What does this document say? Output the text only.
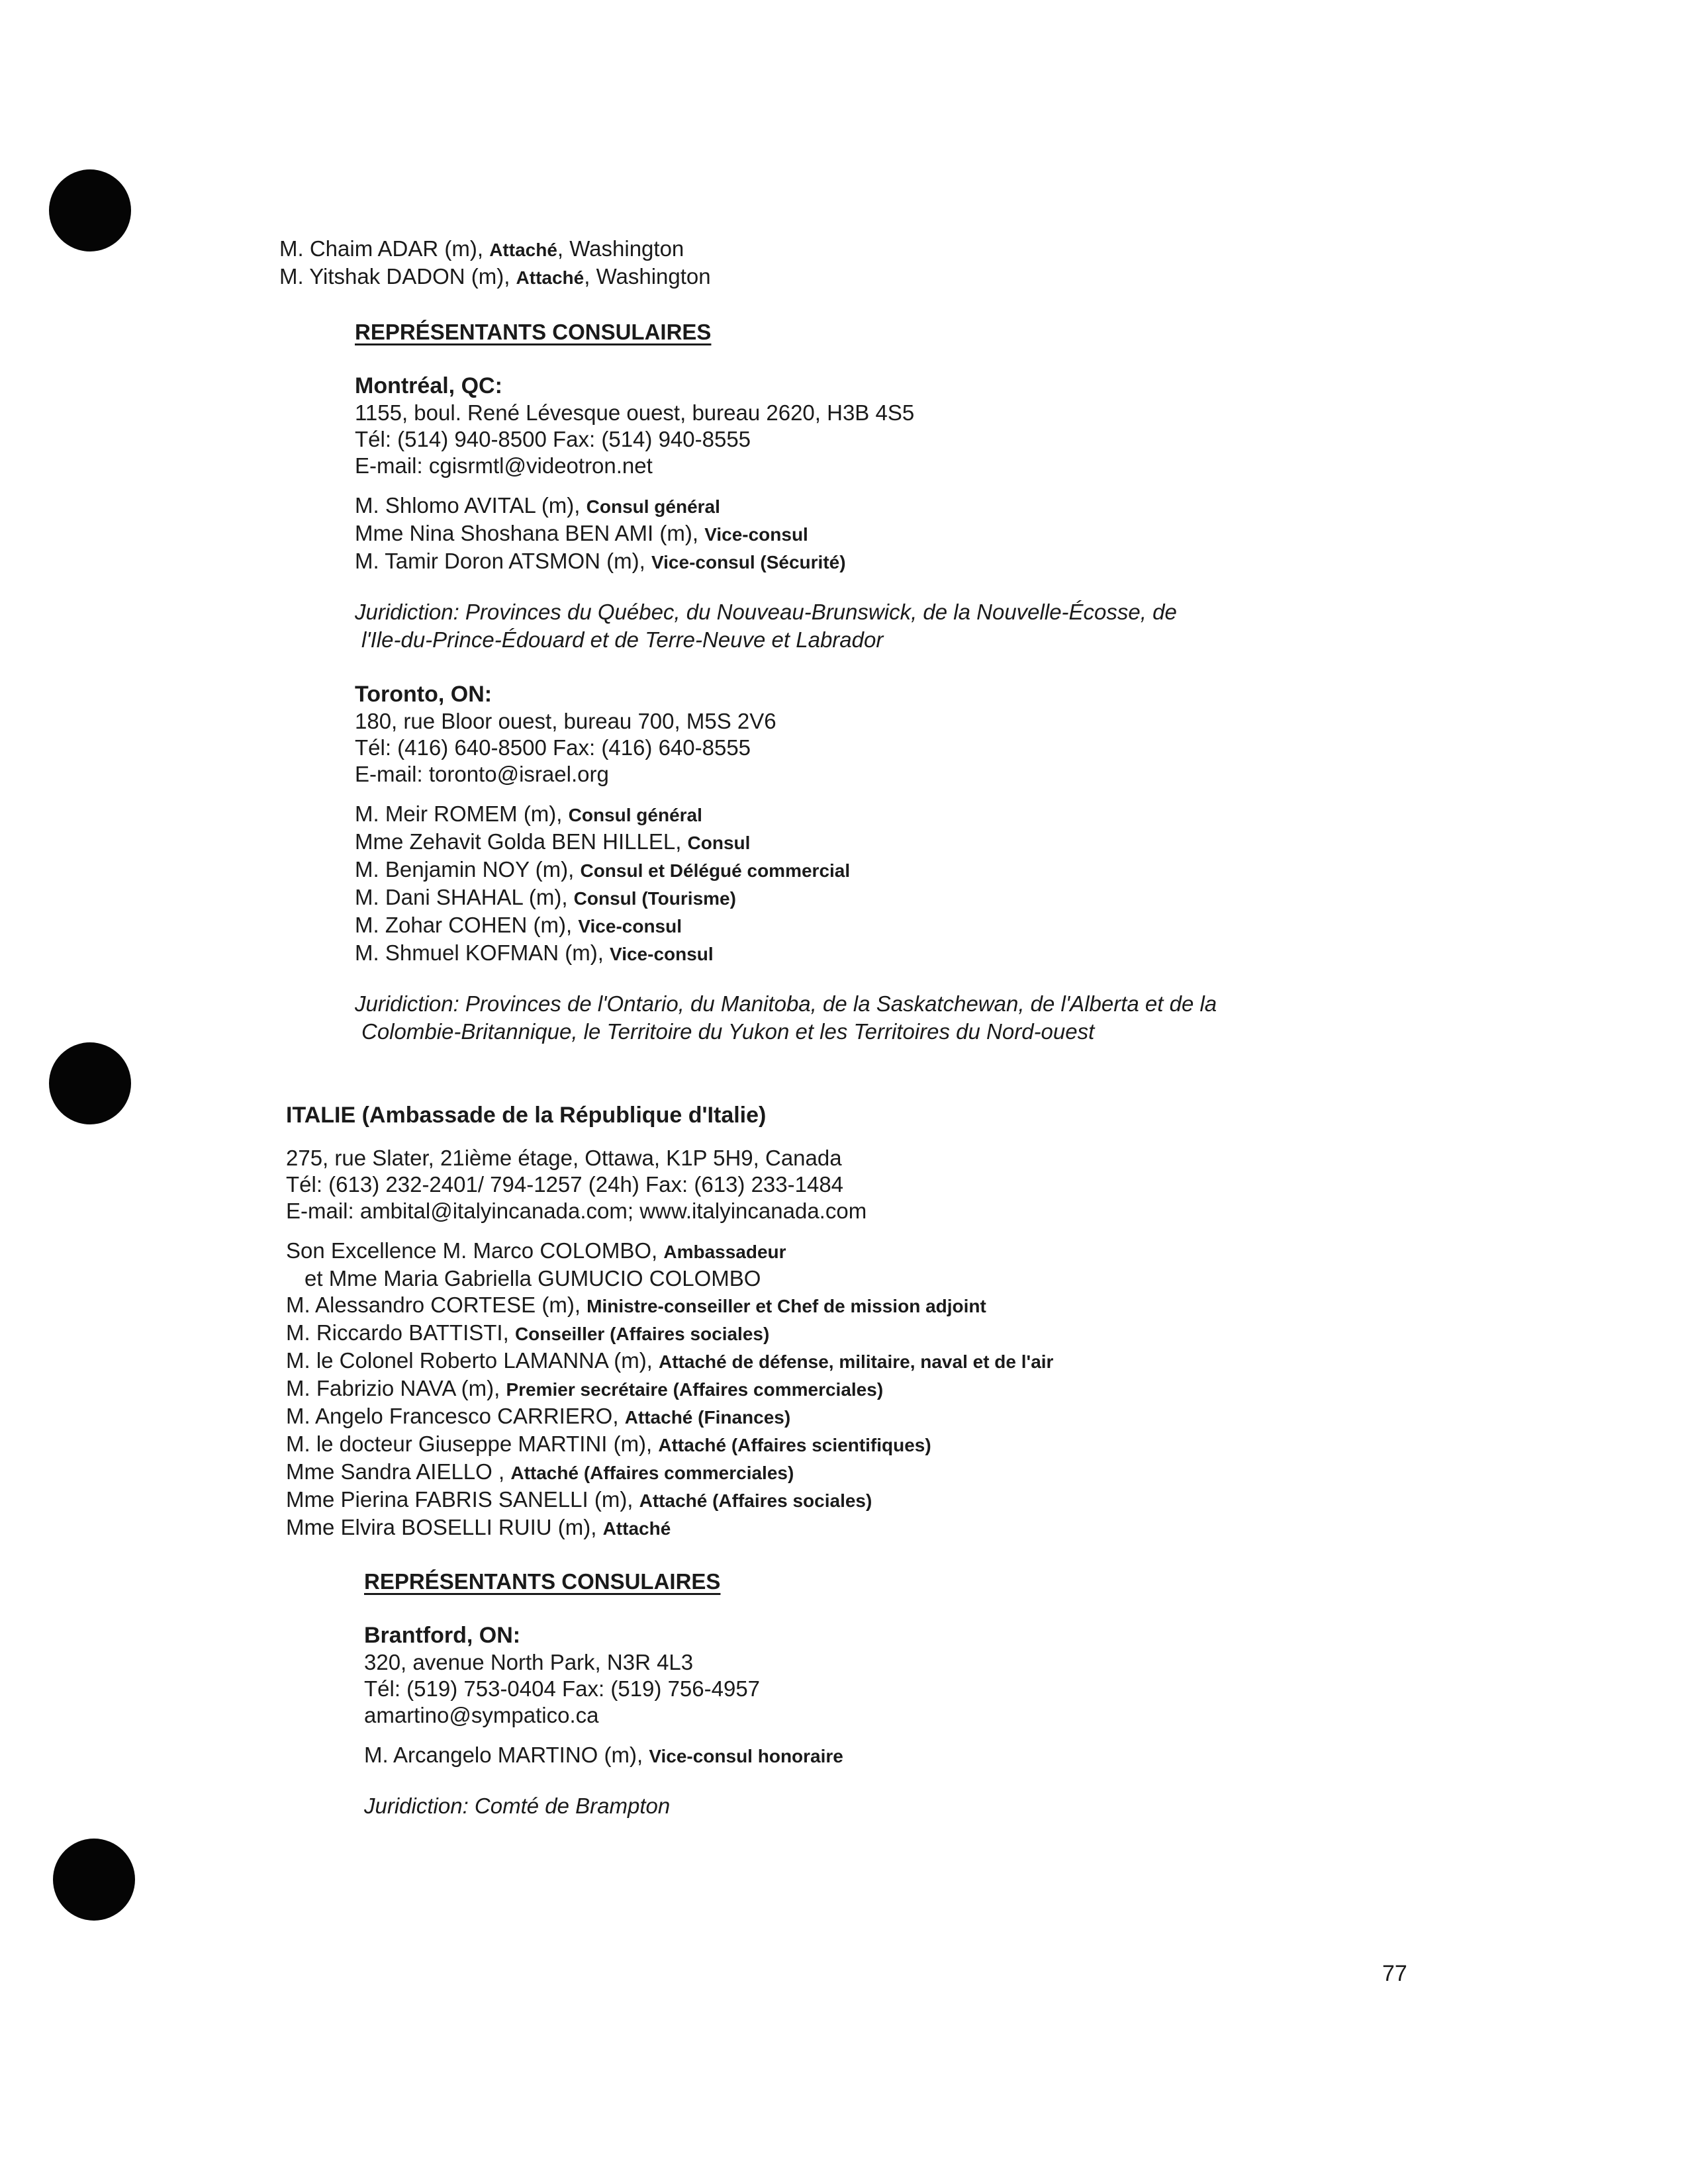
M. Chaim ADAR (m), Attaché, Washington
M. Yitshak DADON (m), Attaché, Washington
REPRÉSENTANTS CONSULAIRES
Montréal, QC:
1155, boul. René Lévesque ouest, bureau 2620, H3B 4S5
Tél: (514) 940-8500 Fax: (514) 940-8555
E-mail: cgisrmtl@videotron.net
M. Shlomo AVITAL (m), Consul général
Mme Nina Shoshana BEN AMI (m), Vice-consul
M. Tamir Doron ATSMON (m), Vice-consul (Sécurité)
Juridiction: Provinces du Québec, du Nouveau-Brunswick, de la Nouvelle-Écosse, de
l'Ile-du-Prince-Édouard et de Terre-Neuve et Labrador
Toronto, ON:
180, rue Bloor ouest, bureau 700, M5S 2V6
Tél: (416) 640-8500 Fax: (416) 640-8555
E-mail: toronto@israel.org
M. Meir ROMEM (m), Consul général
Mme Zehavit Golda BEN HILLEL, Consul
M. Benjamin NOY (m), Consul et Délégué commercial
M. Dani SHAHAL (m), Consul (Tourisme)
M. Zohar COHEN (m), Vice-consul
M. Shmuel KOFMAN (m), Vice-consul
Juridiction: Provinces de l'Ontario, du Manitoba, de la Saskatchewan, de l'Alberta et de la
Colombie-Britannique, le Territoire du Yukon et les Territoires du Nord-ouest
ITALIE (Ambassade de la République d'Italie)
275, rue Slater, 21ième étage, Ottawa, K1P 5H9, Canada
Tél: (613) 232-2401/ 794-1257 (24h) Fax: (613) 233-1484
E-mail: ambital@italyincanada.com; www.italyincanada.com
Son Excellence M. Marco COLOMBO, Ambassadeur
et Mme Maria Gabriella GUMUCIO COLOMBO
M. Alessandro CORTESE (m), Ministre-conseiller et Chef de mission adjoint
M. Riccardo BATTISTI, Conseiller (Affaires sociales)
M. le Colonel Roberto LAMANNA (m), Attaché de défense, militaire, naval et de l'air
M. Fabrizio NAVA (m), Premier secrétaire (Affaires commerciales)
M. Angelo Francesco CARRIERO, Attaché (Finances)
M. le docteur Giuseppe MARTINI (m), Attaché (Affaires scientifiques)
Mme Sandra AIELLO , Attaché (Affaires commerciales)
Mme Pierina FABRIS SANELLI (m), Attaché (Affaires sociales)
Mme Elvira BOSELLI RUIU (m), Attaché
REPRÉSENTANTS CONSULAIRES
Brantford, ON:
320, avenue North Park, N3R 4L3
Tél: (519) 753-0404 Fax: (519) 756-4957
amartino@sympatico.ca
M. Arcangelo MARTINO (m), Vice-consul honoraire
Juridiction: Comté de Brampton
77
